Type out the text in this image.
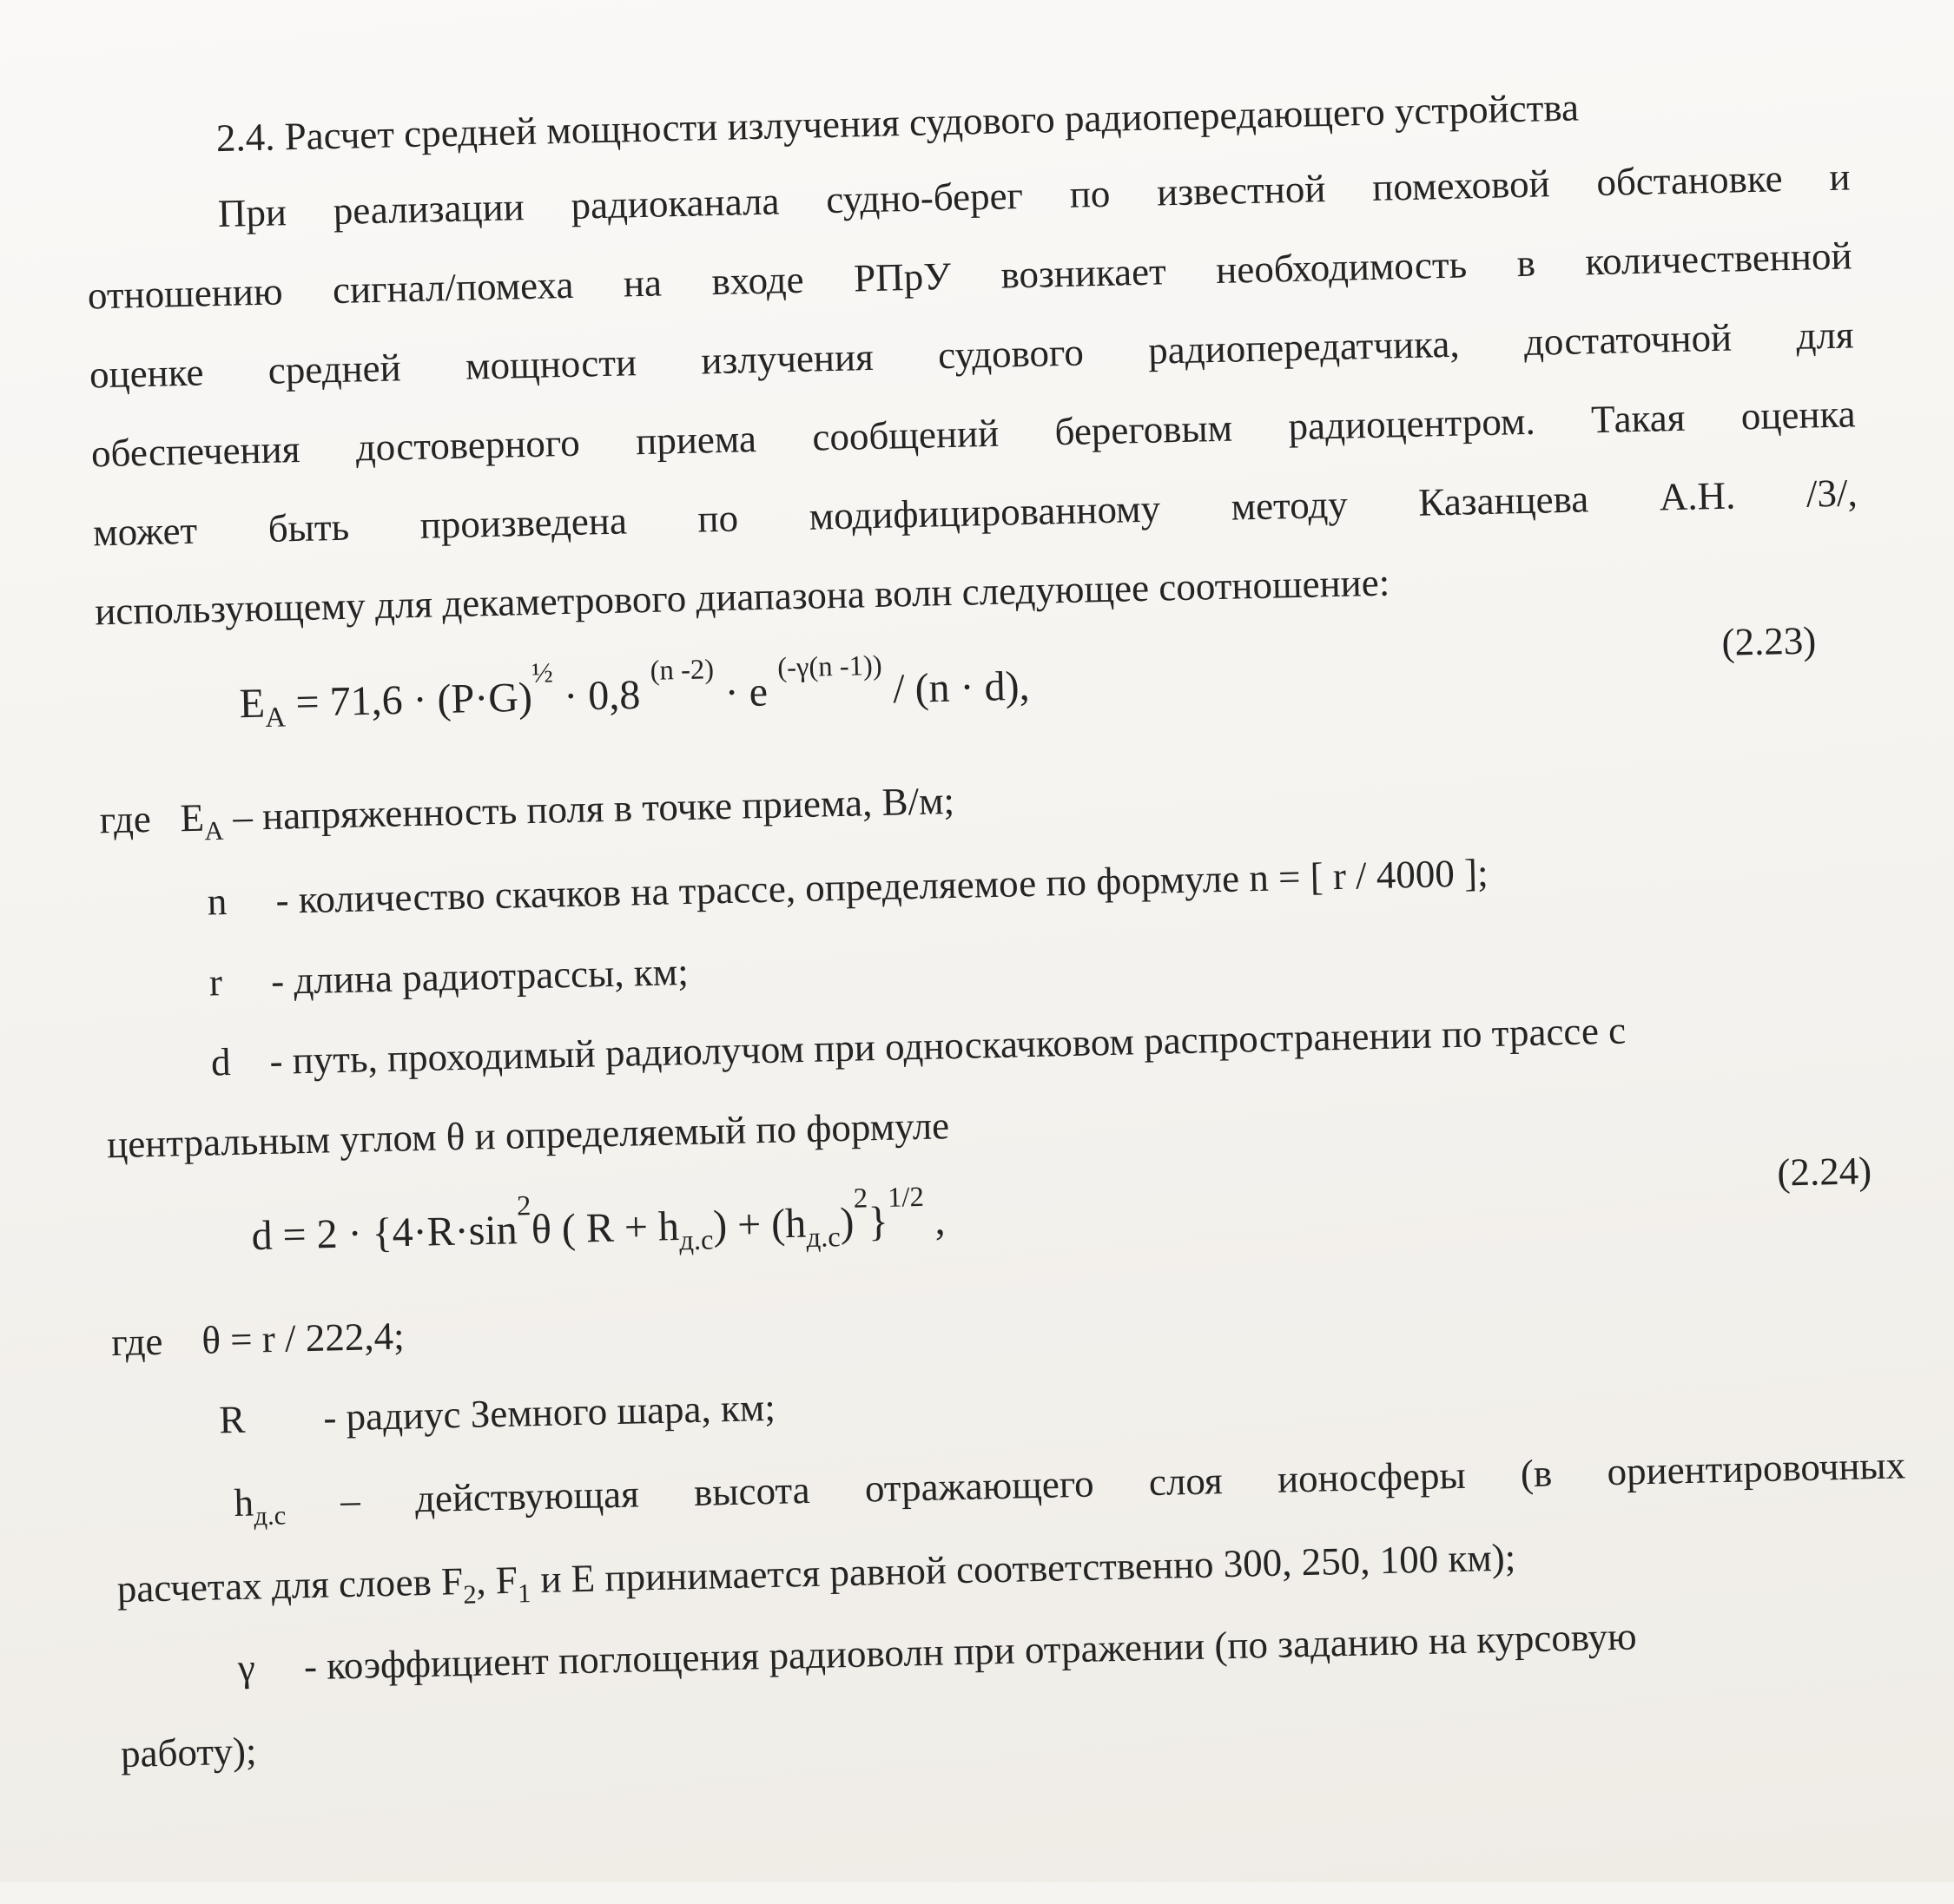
2.4. Расчет средней мощности излучения судового радиопередающего устройства
При реализации радиоканала судно-берег по известной помеховой обстановке и
отношению сигнал/помеха на входе РПрУ возникает необходимость в количественной
оценке средней мощности излучения судового радиопередатчика, достаточной для
обеспечения достоверного приема сообщений береговым радиоцентром. Такая оценка
может быть произведена по модифицированному методу Казанцева А.Н. /3/,
использующему для декаметрового диапазона волн следующее соотношение:
$E_A = 71,6 \cdot (P\cdot G)^{\frac{1}{2}} \cdot 0,8$ $^{(n -2)}$ · e $^{(-\gamma(n -1))}$ / (n · d),
(2.23)
где $E_A$ – напряженность поля в точке приема, В/м;
n - количество скачков на трассе, определяемое по формуле n = [ r / 4000 ];
r - длина радиотрассы, км;
d - путь, проходимый радиолучом при односкачковом распространении по трассе с
центральным углом θ и определяемый по формуле
$d = 2 \cdot \{4\cdot R\cdot\sin^2\theta$ ( $R + h_{д.с}) + (h_{д.с})^2\}^{1/2}$ ,
(2.24)
где θ = r / 222,4;
R - радиус Земного шара, км;
$h_{д.с}$ – действующая высота отражающего слоя ионосферы (в ориентировочных
расчетах для слоев $F_2$, $F_1$ и Е принимается равной соответственно 300, 250, 100 км);
γ - коэффициент поглощения радиоволн при отражении (по заданию на курсовую
работу);
